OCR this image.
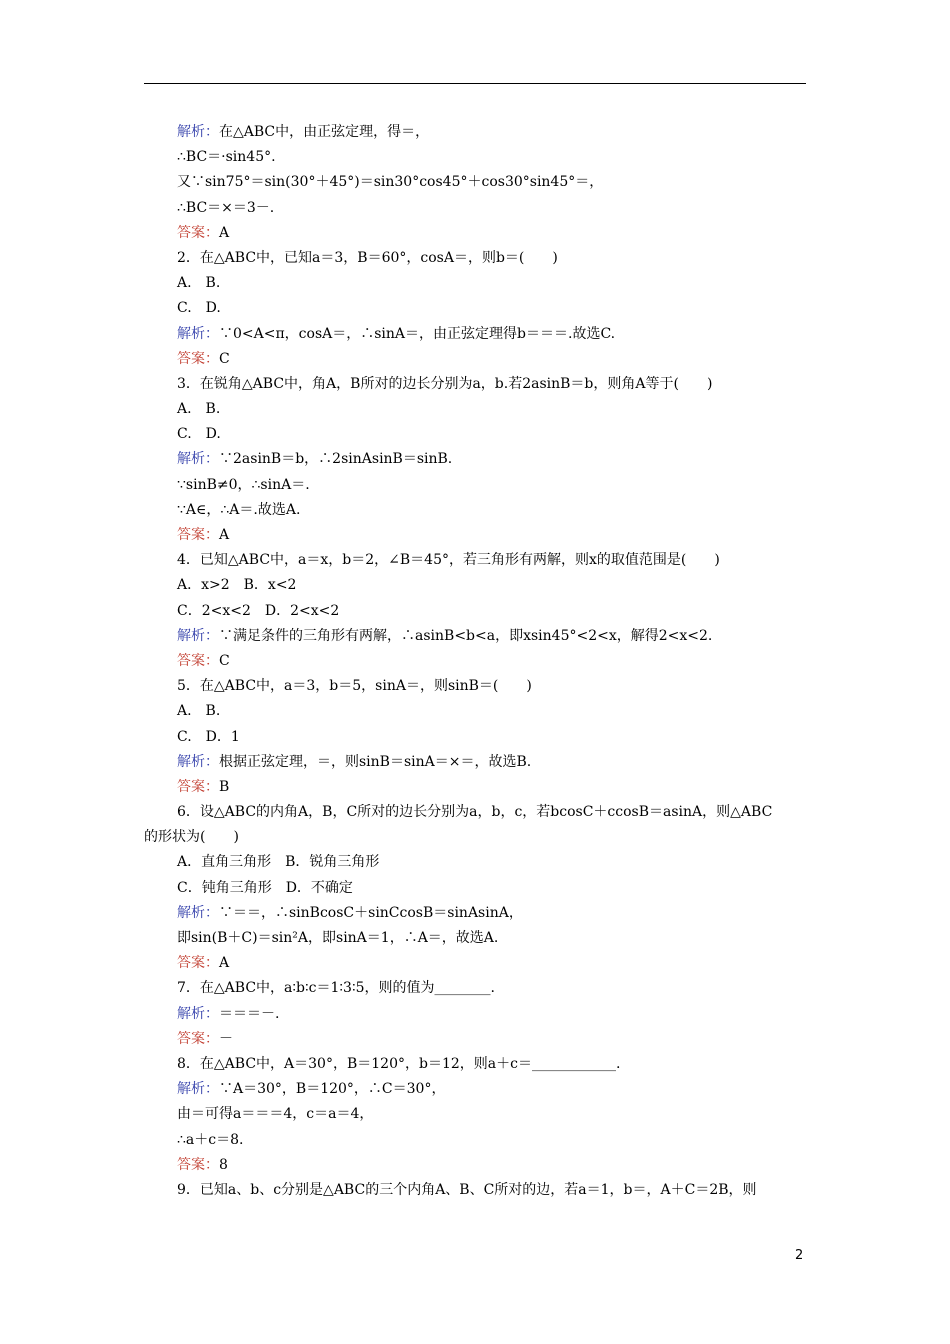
解析：在△ABC中，由正弦定理，得＝，
∴BC＝·sin45°.
又∵sin75°＝sin(30°＋45°)＝sin30°cos45°＋cos30°sin45°＝，
∴BC＝×＝3－.
答案：A
2．在△ABC中，已知a＝3，B＝60°，cosA＝，则b＝(　　)
A.　B.
C.　D.
解析：∵0<A<π，cosA＝，∴sinA＝，由正弦定理得b＝＝＝.故选C.
答案：C
3．在锐角△ABC中，角A，B所对的边长分别为a，b.若2asinB＝b，则角A等于(　　)
A.　B.
C.　D.
解析：∵2asinB＝b，∴2sinAsinB＝sinB.
∵sinB≠0，∴sinA＝.
∵A∈，∴A＝.故选A.
答案：A
4．已知△ABC中，a＝x，b＝2，∠B＝45°，若三角形有两解，则x的取值范围是(　　)
A．x>2　B．x<2
C．2<x<2　D．2<x<2
解析：∵满足条件的三角形有两解，∴asinB<b<a，即xsin45°<2<x，解得2<x<2.
答案：C
5．在△ABC中，a＝3，b＝5，sinA＝，则sinB＝(　　)
A.　B.
C.　D．1
解析：根据正弦定理，＝，则sinB＝sinA＝×＝，故选B.
答案：B
6．设△ABC的内角A，B，C所对的边长分别为a，b，c，若bcosC＋ccosB＝asinA，则△ABC
的形状为(　　)
A．直角三角形　B．锐角三角形
C．钝角三角形　D．不确定
解析：∵＝＝，∴sinBcosC＋sinCcosB＝sinAsinA，
即sin(B＋C)＝sin²A，即sinA＝1，∴A＝，故选A.
答案：A
7．在△ABC中，a∶b∶c＝1∶3∶5，则的值为________.
解析：＝＝＝－.
答案：－
8．在△ABC中，A＝30°，B＝120°，b＝12，则a＋c＝____________.
解析：∵A＝30°，B＝120°，∴C＝30°，
由＝可得a＝＝＝4，c＝a＝4，
∴a＋c＝8.
答案：8
9．已知a、b、c分别是△ABC的三个内角A、B、C所对的边，若a＝1，b＝，A＋C＝2B，则
2
